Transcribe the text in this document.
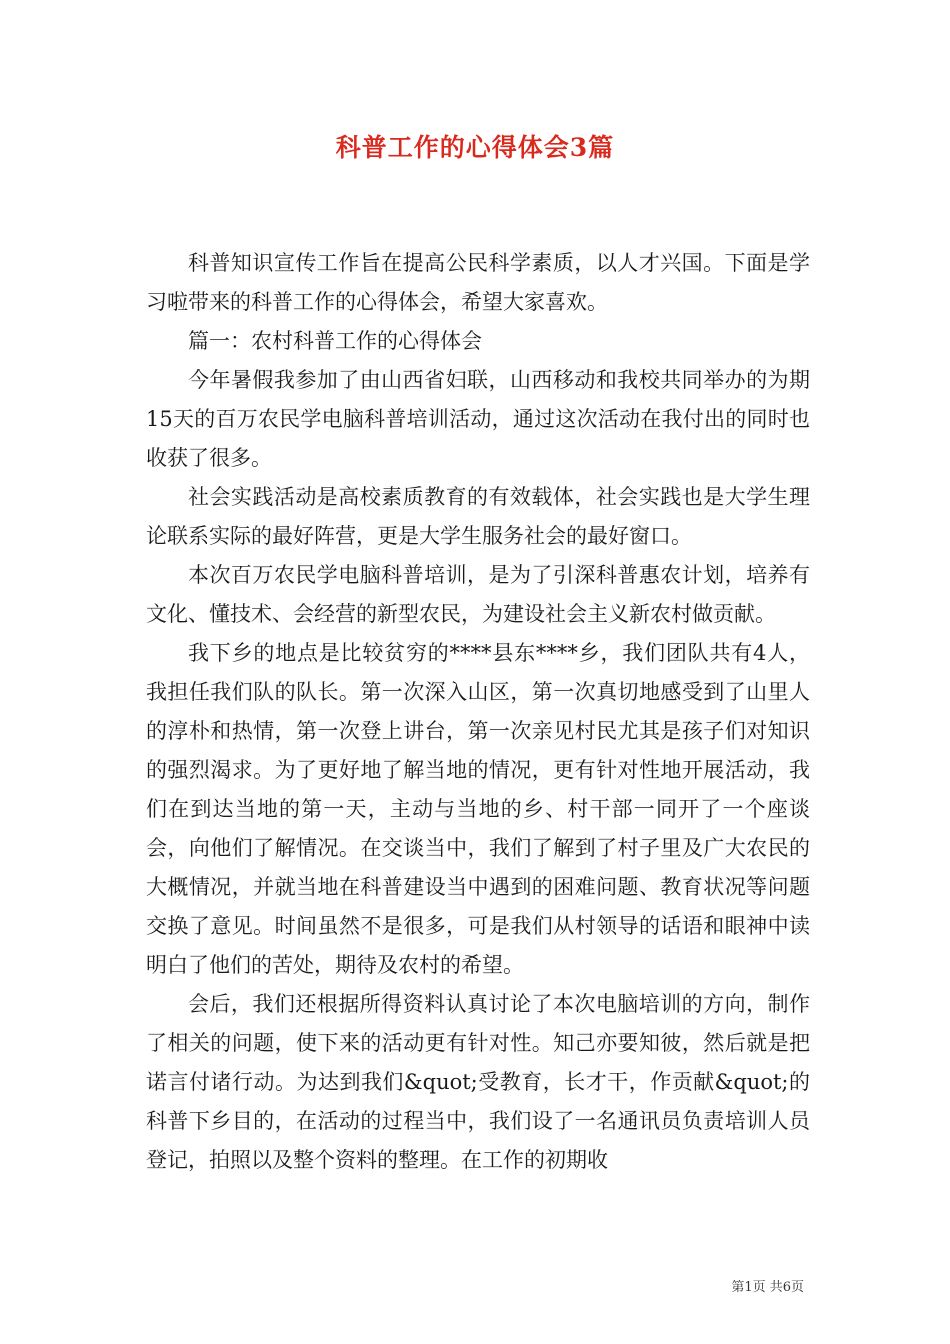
科普工作的心得体会3篇

科普知识宣传工作旨在提高公民科学素质，以人才兴国。下面是学习啦带来的科普工作的心得体会，希望大家喜欢。

篇一：农村科普工作的心得体会

今年暑假我参加了由山西省妇联，山西移动和我校共同举办的为期15天的百万农民学电脑科普培训活动，通过这次活动在我付出的同时也收获了很多。

社会实践活动是高校素质教育的有效载体，社会实践也是大学生理论联系实际的最好阵营，更是大学生服务社会的最好窗口。

本次百万农民学电脑科普培训，是为了引深科普惠农计划，培养有文化、懂技术、会经营的新型农民，为建设社会主义新农村做贡献。

我下乡的地点是比较贫穷的****县东****乡，我们团队共有4人，我担任我们队的队长。第一次深入山区，第一次真切地感受到了山里人的淳朴和热情，第一次登上讲台，第一次亲见村民尤其是孩子们对知识的强烈渴求。为了更好地了解当地的情况，更有针对性地开展活动，我们在到达当地的第一天，主动与当地的乡、村干部一同开了一个座谈会，向他们了解情况。在交谈当中，我们了解到了村子里及广大农民的大概情况，并就当地在科普建设当中遇到的困难问题、教育状况等问题交换了意见。时间虽然不是很多，可是我们从村领导的话语和眼神中读明白了他们的苦处，期待及农村的希望。

会后，我们还根据所得资料认真讨论了本次电脑培训的方向，制作了相关的问题，使下来的活动更有针对性。知己亦要知彼，然后就是把诺言付诸行动。为达到我们&quot;受教育，长才干，作贡献&quot;的科普下乡目的，在活动的过程当中，我们设了一名通讯员负责培训人员登记，拍照以及整个资料的整理。在工作的初期收

第1页 共6页
